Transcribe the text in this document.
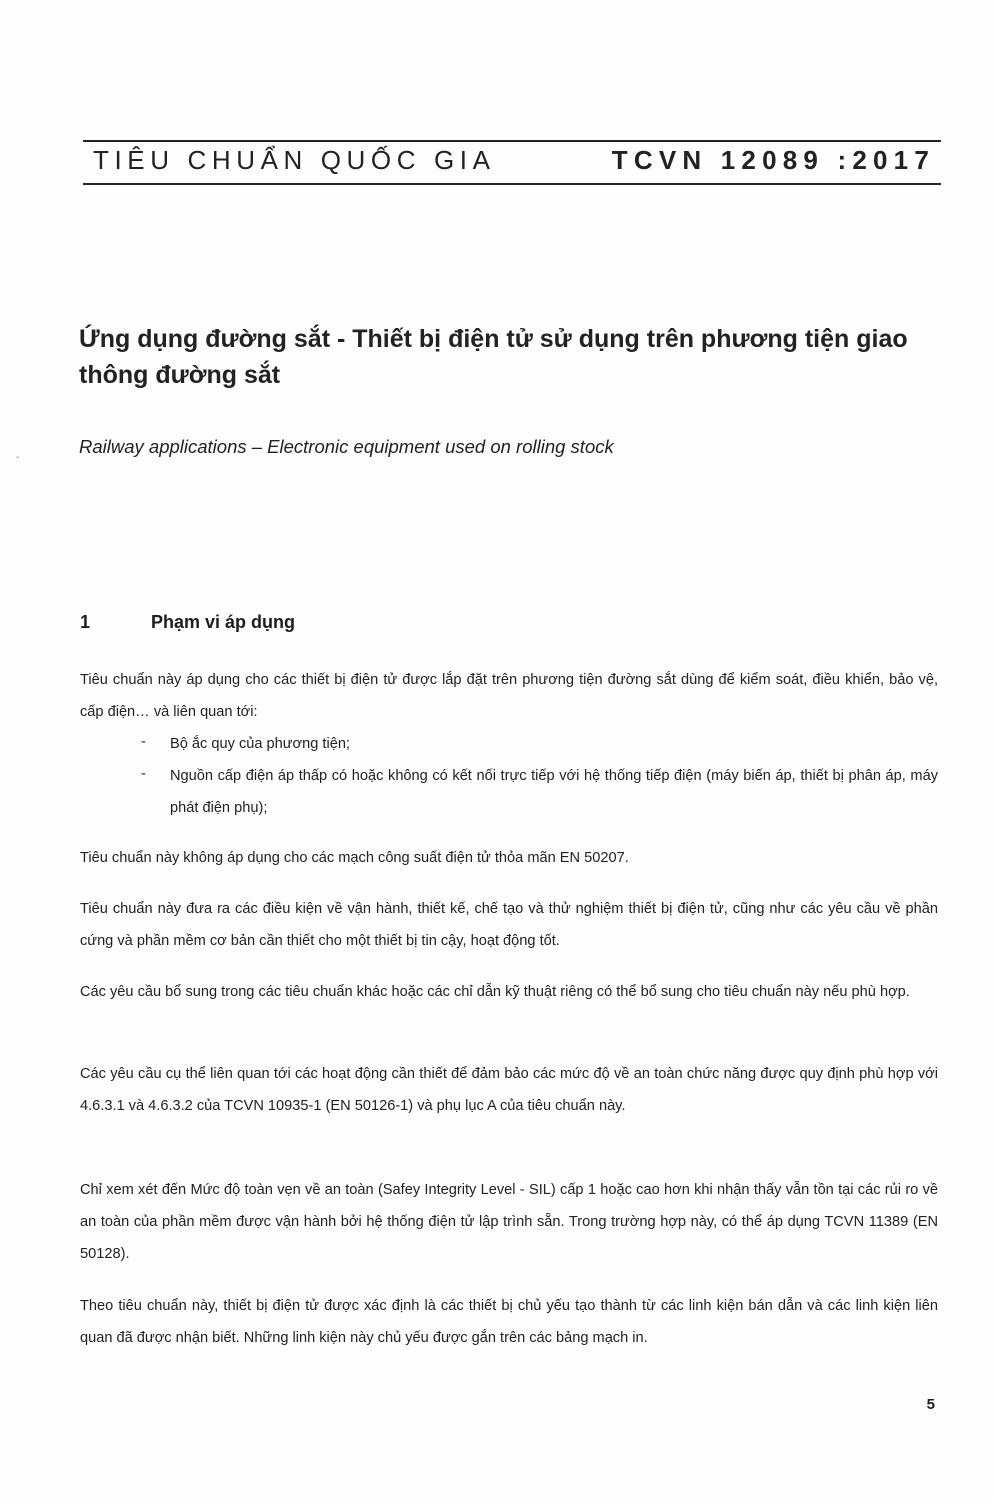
TIÊU CHUẨN QUỐC GIA	TCVN 12089 :2017
Ứng dụng đường sắt - Thiết bị điện tử sử dụng trên phương tiện giao thông đường sắt
Railway applications – Electronic equipment used on rolling stock
-
1	Phạm vi áp dụng

Tiêu chuẩn này áp dụng cho các thiết bị điện tử được lắp đặt trên phương tiện đường sắt dùng để kiểm soát, điều khiển, bảo vệ, cấp điện… và liên quan tới:

- Bộ ắc quy của phương tiện;

- Nguồn cấp điện áp thấp có hoặc không có kết nối trực tiếp với hệ thống tiếp điện (máy biến áp, thiết bị phân áp, máy phát điện phụ);

Tiêu chuẩn này không áp dụng cho các mạch công suất điện tử thỏa mãn EN 50207.

Tiêu chuẩn này đưa ra các điều kiện về vận hành, thiết kế, chế tạo và thử nghiệm thiết bị điện tử, cũng như các yêu cầu về phần cứng và phần mềm cơ bản cần thiết cho một thiết bị tin cậy, hoạt động tốt.

Các yêu cầu bổ sung trong các tiêu chuẩn khác hoặc các chỉ dẫn kỹ thuật riêng có thể bổ sung cho tiêu chuẩn này nếu phù hợp.

Các yêu cầu cụ thể liên quan tới các hoạt động cần thiết để đảm bảo các mức độ về an toàn chức năng được quy định phù hợp với 4.6.3.1 và 4.6.3.2 của TCVN 10935-1 (EN 50126-1) và phụ lục A của tiêu chuẩn này.

Chỉ xem xét đến Mức độ toàn vẹn về an toàn (Safey Integrity Level - SIL) cấp 1 hoặc cao hơn khi nhận thấy vẫn tồn tại các rủi ro về an toàn của phần mềm được vận hành bởi hệ thống điện tử lập trình sẵn. Trong trường hợp này, có thể áp dụng TCVN 11389 (EN 50128).

Theo tiêu chuẩn này, thiết bị điện tử được xác định là các thiết bị chủ yếu tạo thành từ các linh kiện bán dẫn và các linh kiện liên quan đã được nhận biết. Những linh kiện này chủ yếu được gắn trên các bảng mạch in.

5
